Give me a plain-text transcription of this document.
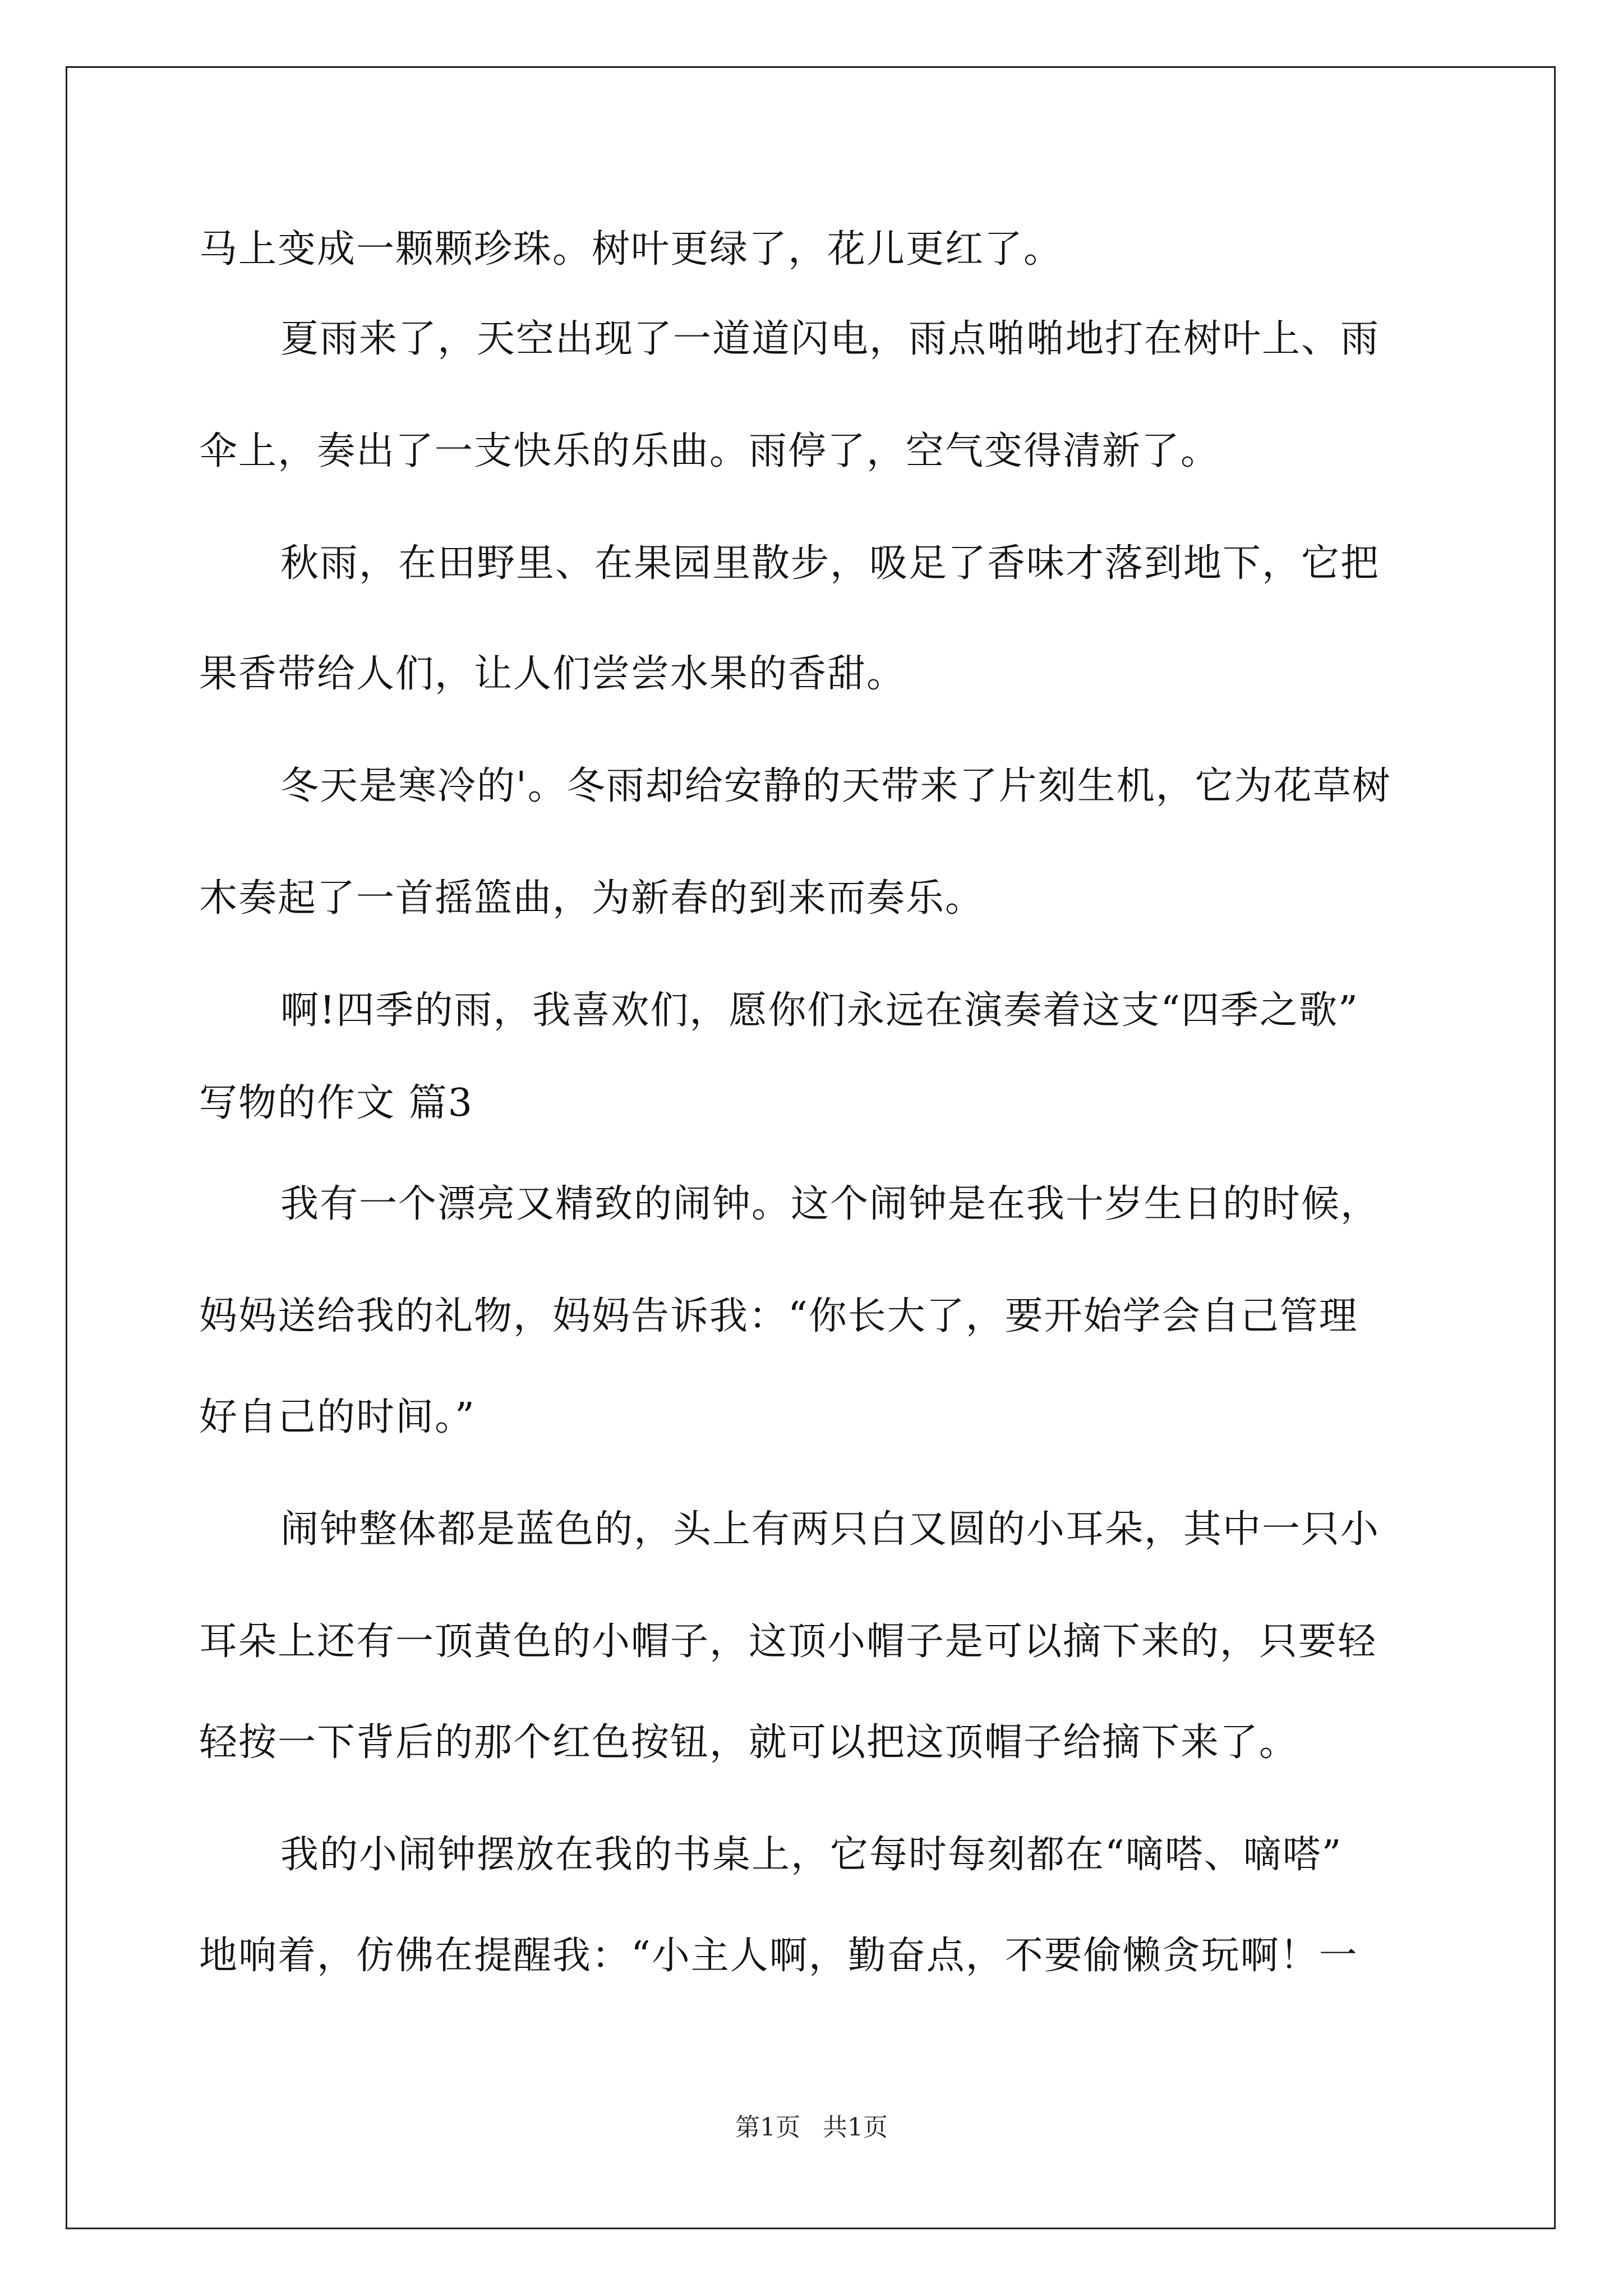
马上变成一颗颗珍珠。树叶更绿了，花儿更红了。
夏雨来了，天空出现了一道道闪电，雨点啪啪地打在树叶上、雨
伞上，奏出了一支快乐的乐曲。雨停了，空气变得清新了。
秋雨，在田野里、在果园里散步，吸足了香味才落到地下，它把
果香带给人们，让人们尝尝水果的香甜。
冬天是寒冷的'。冬雨却给安静的天带来了片刻生机，它为花草树
木奏起了一首摇篮曲，为新春的到来而奏乐。
啊!四季的雨，我喜欢们，愿你们永远在演奏着这支“四季之歌”
写物的作文 篇3
我有一个漂亮又精致的闹钟。这个闹钟是在我十岁生日的时候，
妈妈送给我的礼物，妈妈告诉我：“你长大了，要开始学会自己管理
好自己的时间。”
闹钟整体都是蓝色的，头上有两只白又圆的小耳朵，其中一只小
耳朵上还有一顶黄色的小帽子，这顶小帽子是可以摘下来的，只要轻
轻按一下背后的那个红色按钮，就可以把这顶帽子给摘下来了。
我的小闹钟摆放在我的书桌上，它每时每刻都在“嘀嗒、嘀嗒”
地响着，仿佛在提醒我：“小主人啊，勤奋点，不要偷懒贪玩啊！一
第1页 共1页
